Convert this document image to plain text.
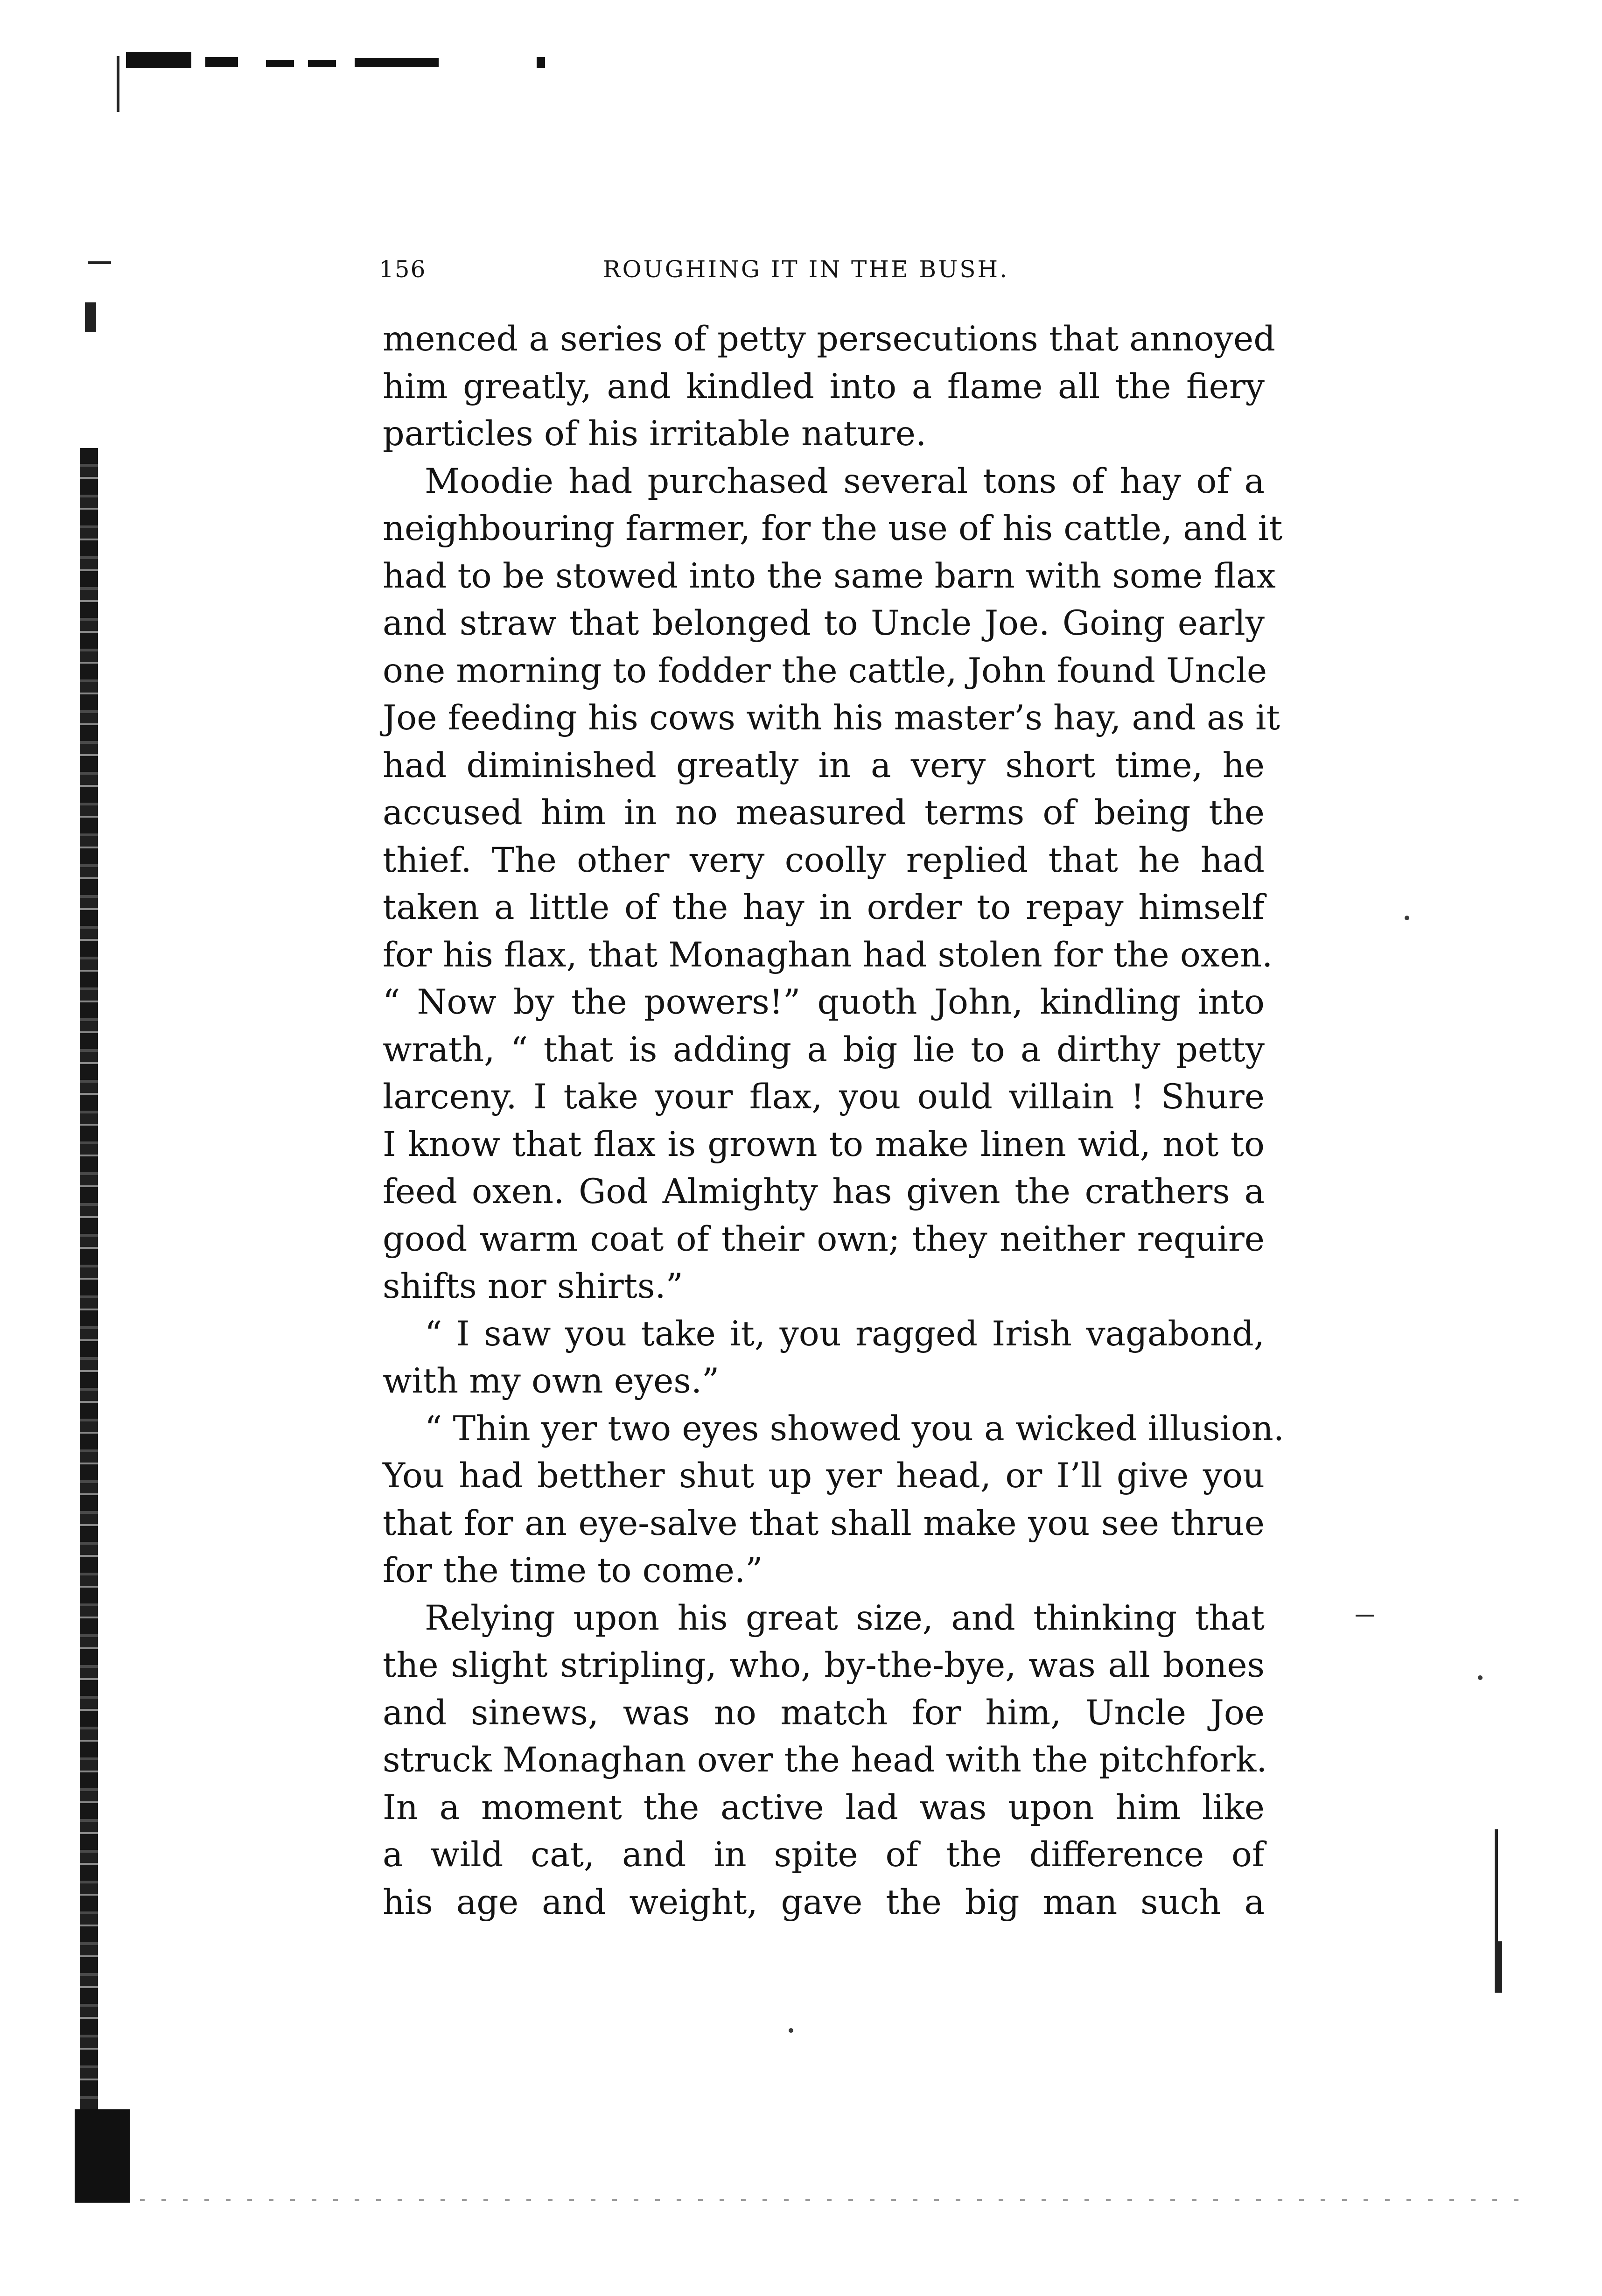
156	ROUGHING IT IN THE BUSH.
menced a series of petty persecutions that annoyed
him greatly, and kindled into a flame all the fiery
particles of his irritable nature.
Moodie had purchased several tons of hay of a
neighbouring farmer, for the use of his cattle, and it
had to be stowed into the same barn with some flax
and straw that belonged to Uncle Joe. Going early
one morning to fodder the cattle, John found Uncle
Joe feeding his cows with his master’s hay, and as it
had diminished greatly in a very short time, he
accused him in no measured terms of being the
thief. The other very coolly replied that he had
taken a little of the hay in order to repay himself
for his flax, that Monaghan had stolen for the oxen.
“ Now by the powers!” quoth John, kindling into
wrath, “ that is adding a big lie to a dirthy petty
larceny. I take your flax, you ould villain ! Shure
I know that flax is grown to make linen wid, not to
feed oxen. God Almighty has given the crathers a
good warm coat of their own; they neither require
shifts nor shirts.”
“ I saw you take it, you ragged Irish vagabond,
with my own eyes.”
“ Thin yer two eyes showed you a wicked illusion.
You had betther shut up yer head, or I’ll give you
that for an eye-salve that shall make you see thrue
for the time to come.”
Relying upon his great size, and thinking that
the slight stripling, who, by-the-bye, was all bones
and sinews, was no match for him, Uncle Joe
struck Monaghan over the head with the pitchfork.
In a moment the active lad was upon him like
a wild cat, and in spite of the difference of
his age and weight, gave the big man such a
